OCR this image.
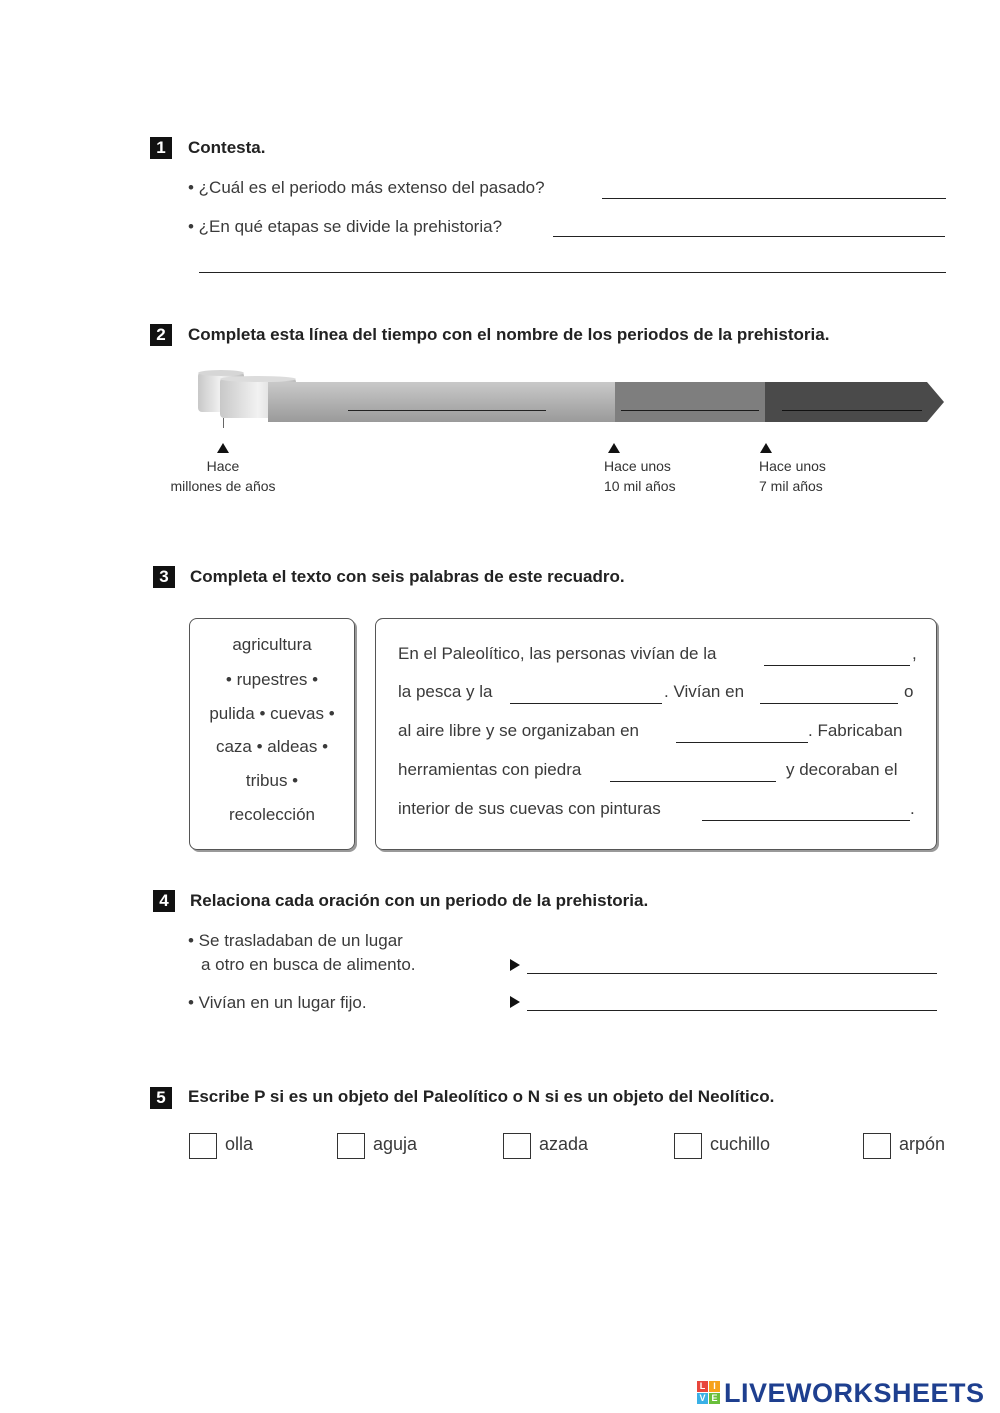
1	Contesta.
• ¿Cuál es el periodo más extenso del pasado?
• ¿En qué etapas se divide la prehistoria?
2	Completa esta línea del tiempo con el nombre de los periodos de la prehistoria.
Hace
millones de años
Hace unos
10 mil años
Hace unos
7 mil años
3	Completa el texto con seis palabras de este recuadro.
agricultura
• rupestres •
pulida • cuevas •
caza • aldeas •
tribus •
recolección
En el Paleolítico, las personas vivían de la	,
la pesca y la	. Vivían en	o
al aire libre y se organizaban en	. Fabricaban
herramientas con piedra	y decoraban el
interior de sus cuevas con pinturas	.
4	Relaciona cada oración con un periodo de la prehistoria.
• Se trasladaban de un lugar
a otro en busca de alimento.
• Vivían en un lugar fijo.
5	Escribe P si es un objeto del Paleolítico o N si es un objeto del Neolítico.
olla	aguja	azada	cuchillo	arpón
L I
V E LIVEWORKSHEETS
